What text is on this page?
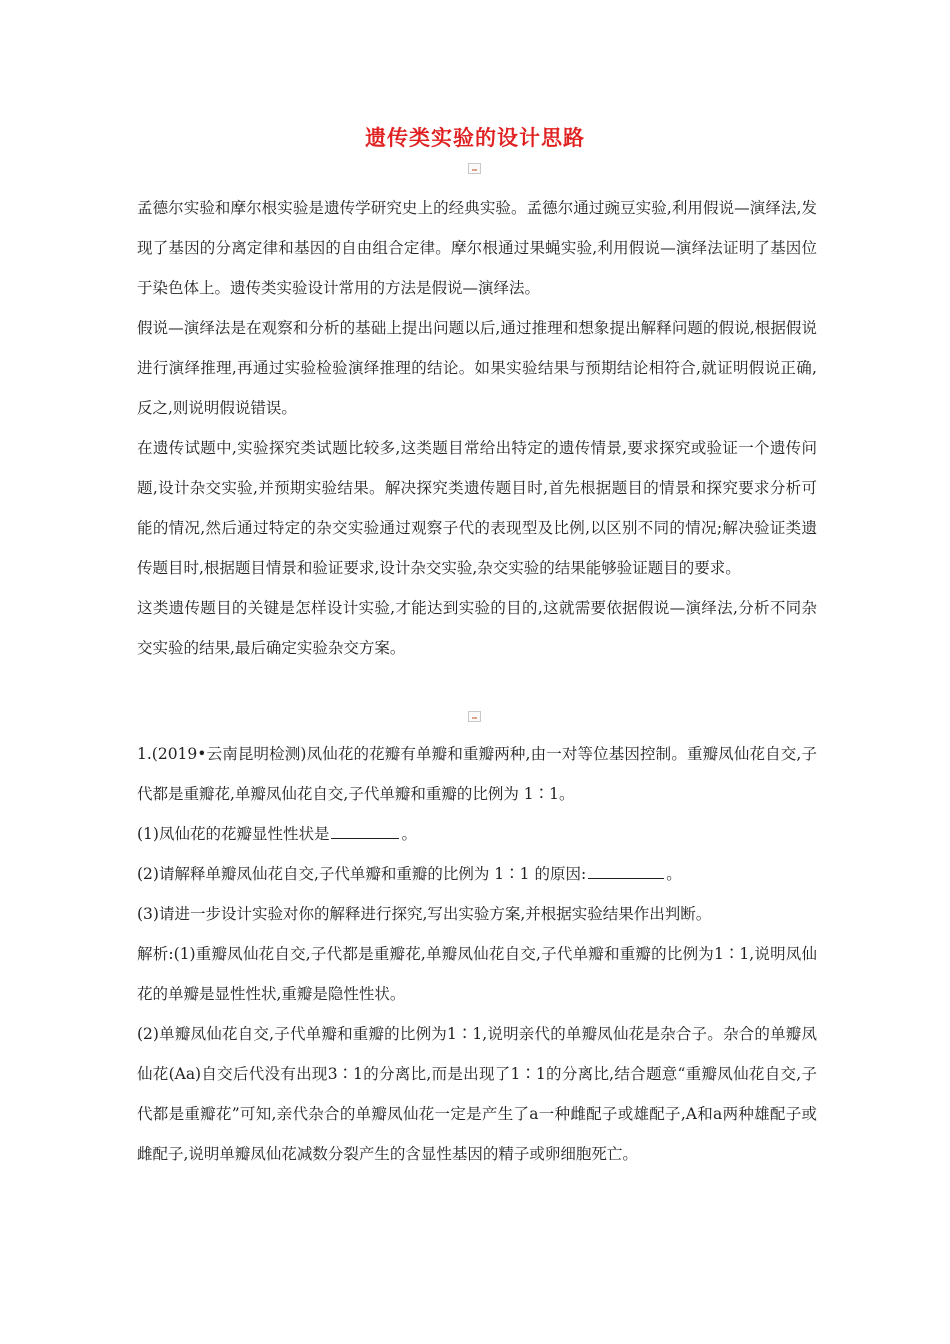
遗传类实验的设计思路

孟德尔实验和摩尔根实验是遗传学研究史上的经典实验。孟德尔通过豌豆实验,利用假说—演绎法,发现了基因的分离定律和基因的自由组合定律。摩尔根通过果蝇实验,利用假说—演绎法证明了基因位于染色体上。遗传类实验设计常用的方法是假说—演绎法。

假说—演绎法是在观察和分析的基础上提出问题以后,通过推理和想象提出解释问题的假说,根据假说进行演绎推理,再通过实验检验演绎推理的结论。如果实验结果与预期结论相符合,就证明假说正确,反之,则说明假说错误。

在遗传试题中,实验探究类试题比较多,这类题目常给出特定的遗传情景,要求探究或验证一个遗传问题,设计杂交实验,并预期实验结果。解决探究类遗传题目时,首先根据题目的情景和探究要求分析可能的情况,然后通过特定的杂交实验通过观察子代的表现型及比例,以区别不同的情况;解决验证类遗传题目时,根据题目情景和验证要求,设计杂交实验,杂交实验的结果能够验证题目的要求。

这类遗传题目的关键是怎样设计实验,才能达到实验的目的,这就需要依据假说—演绎法,分析不同杂交实验的结果,最后确定实验杂交方案。

1.(2019•云南昆明检测)凤仙花的花瓣有单瓣和重瓣两种,由一对等位基因控制。重瓣凤仙花自交,子代都是重瓣花,单瓣凤仙花自交,子代单瓣和重瓣的比例为 1∶1。

(1)凤仙花的花瓣显性性状是	。

(2)请解释单瓣凤仙花自交,子代单瓣和重瓣的比例为 1∶1 的原因:	。

(3)请进一步设计实验对你的解释进行探究,写出实验方案,并根据实验结果作出判断。

解析:(1)重瓣凤仙花自交,子代都是重瓣花,单瓣凤仙花自交,子代单瓣和重瓣的比例为1∶1,说明凤仙花的单瓣是显性性状,重瓣是隐性性状。

(2)单瓣凤仙花自交,子代单瓣和重瓣的比例为1∶1,说明亲代的单瓣凤仙花是杂合子。杂合的单瓣凤仙花(Aa)自交后代没有出现3∶1的分离比,而是出现了1∶1的分离比,结合题意“重瓣凤仙花自交,子代都是重瓣花”可知,亲代杂合的单瓣凤仙花一定是产生了a一种雌配子或雄配子,A和a两种雄配子或雌配子,说明单瓣凤仙花减数分裂产生的含显性基因的精子或卵细胞死亡。
